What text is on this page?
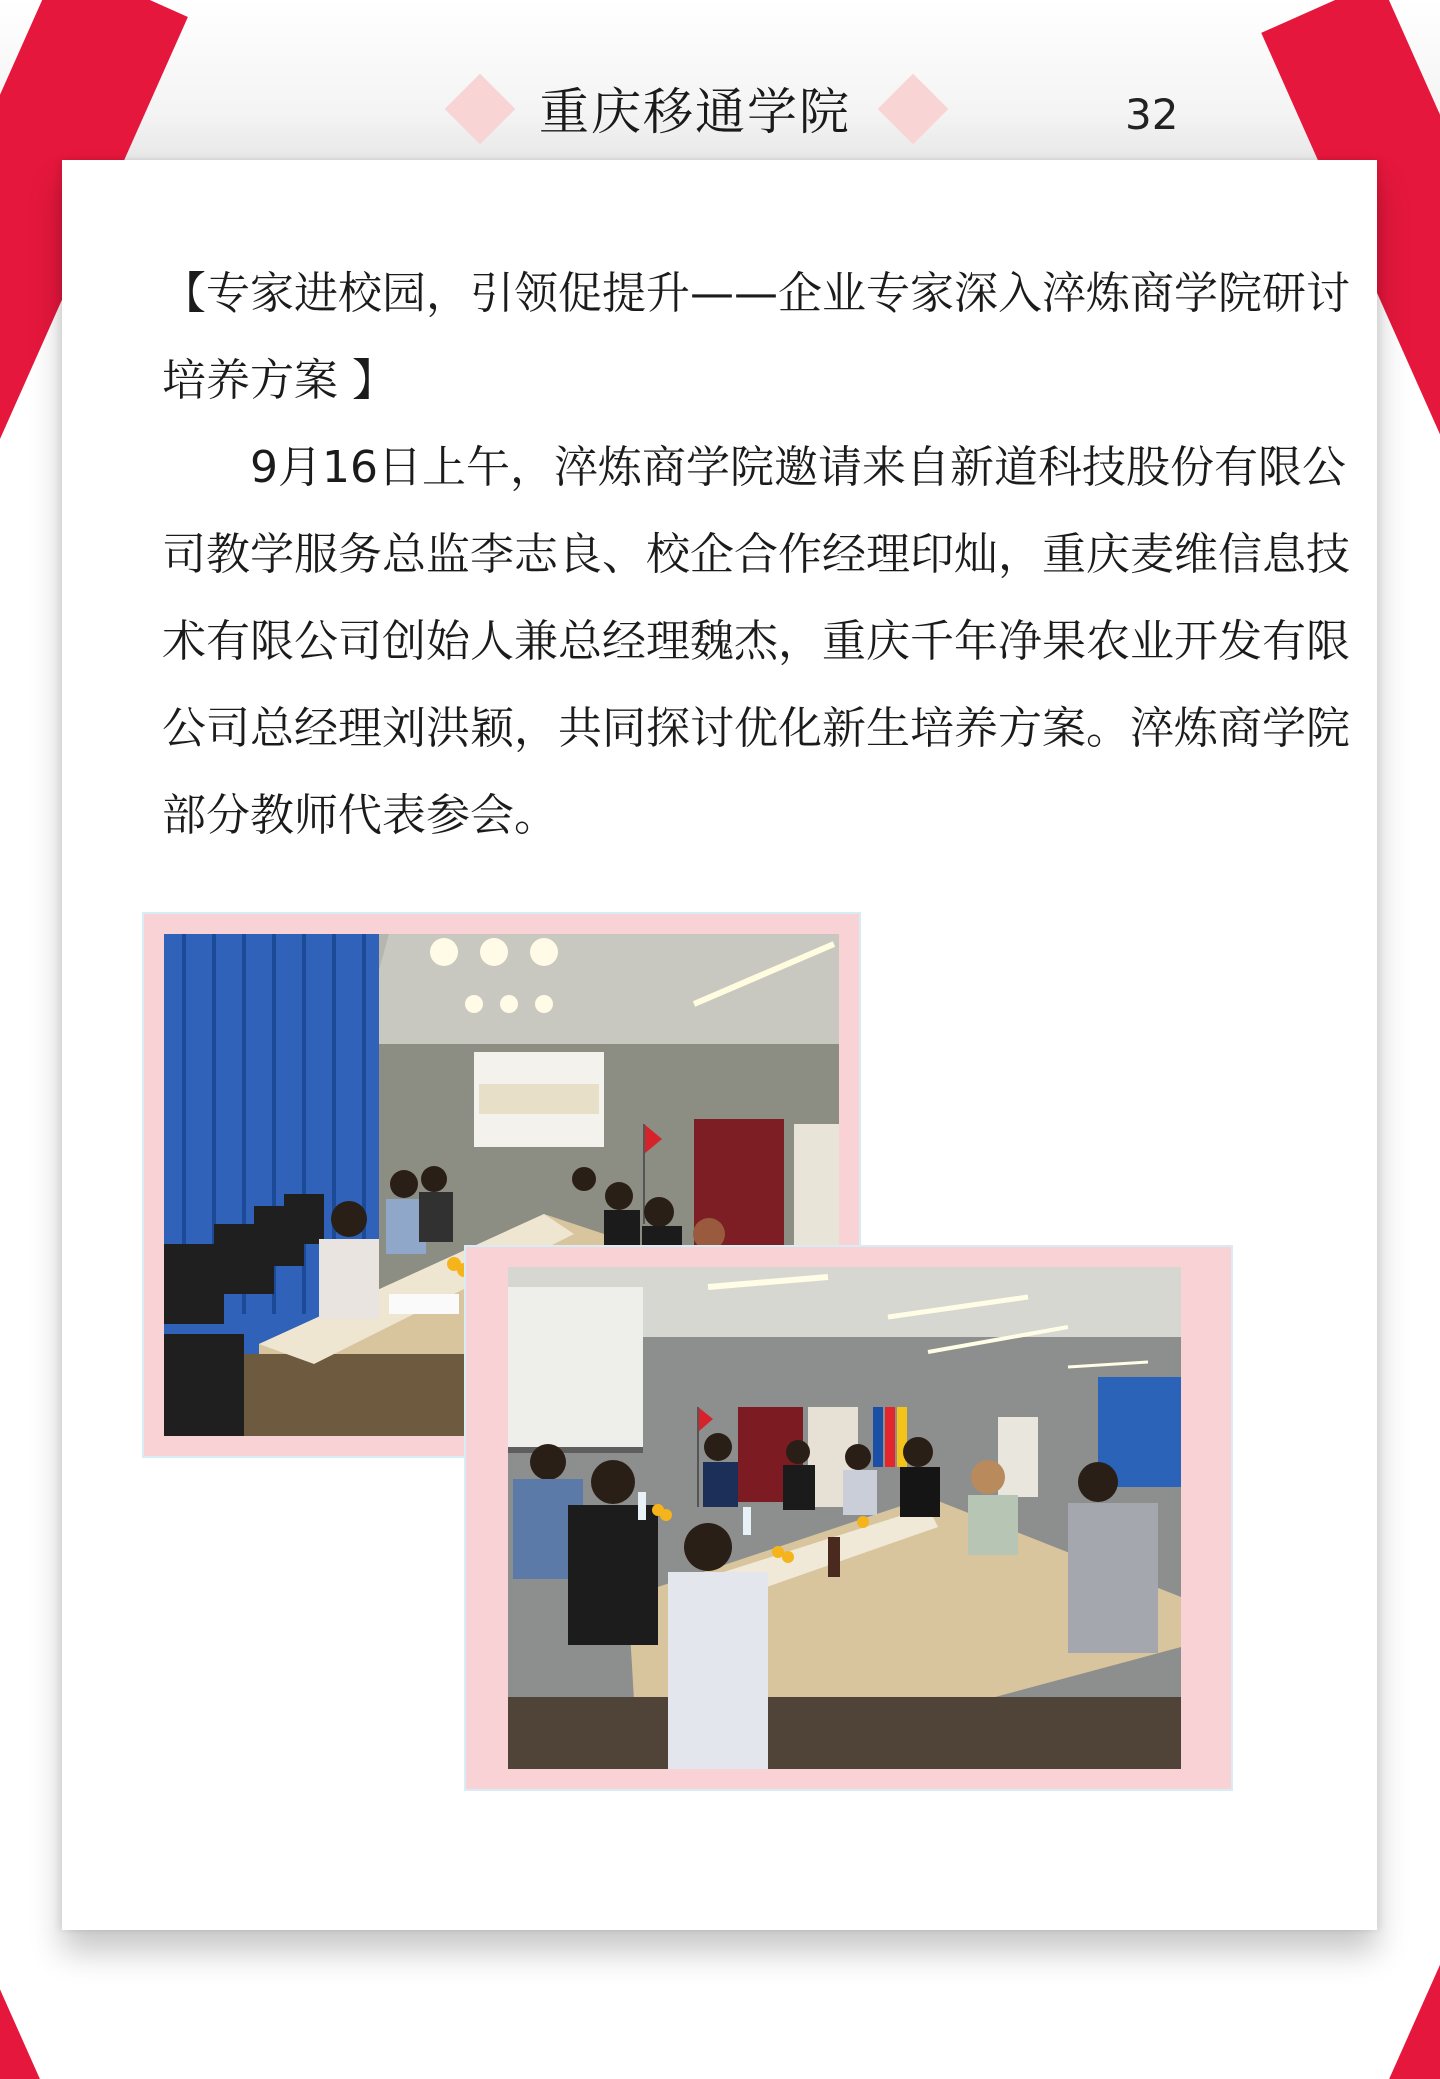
重庆移通学院	32

【专家进校园，引领促提升——企业专家深入淬炼商学院研讨培养方案 】

9月16日上午，淬炼商学院邀请来自新道科技股份有限公司教学服务总监李志良、校企合作经理印灿，重庆麦维信息技术有限公司创始人兼总经理魏杰，重庆千年净果农业开发有限公司总经理刘洪颖，共同探讨优化新生培养方案。淬炼商学院部分教师代表参会。
